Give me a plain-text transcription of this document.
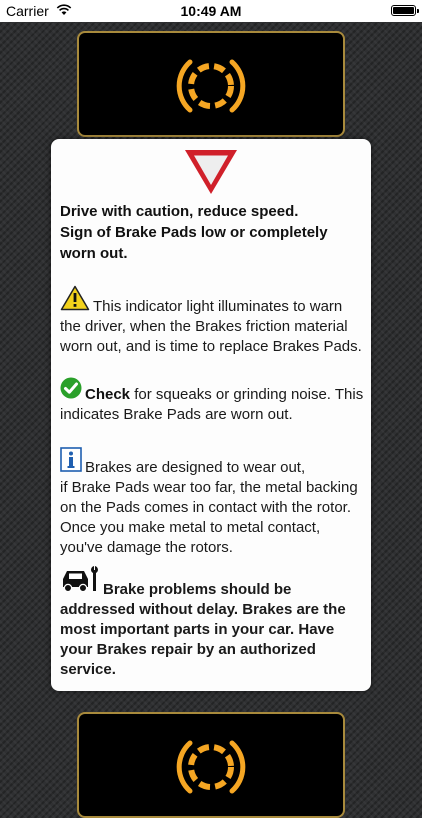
Carrier	10:49 AM
Drive with caution, reduce speed.
Sign of Brake Pads low or completely worn out.
This indicator light illuminates to warn the driver, when the Brakes friction material worn out, and is time to replace Brakes Pads.
Check for squeaks or grinding noise. This indicates Brake Pads are worn out.
Brakes are designed to wear out,
if Brake Pads wear too far, the metal backing on the Pads comes in contact with the rotor. Once you make metal to metal contact, you've damage the rotors.
Brake problems should be addressed without delay. Brakes are the most important parts in your car. Have your Brakes repair by an authorized service.
